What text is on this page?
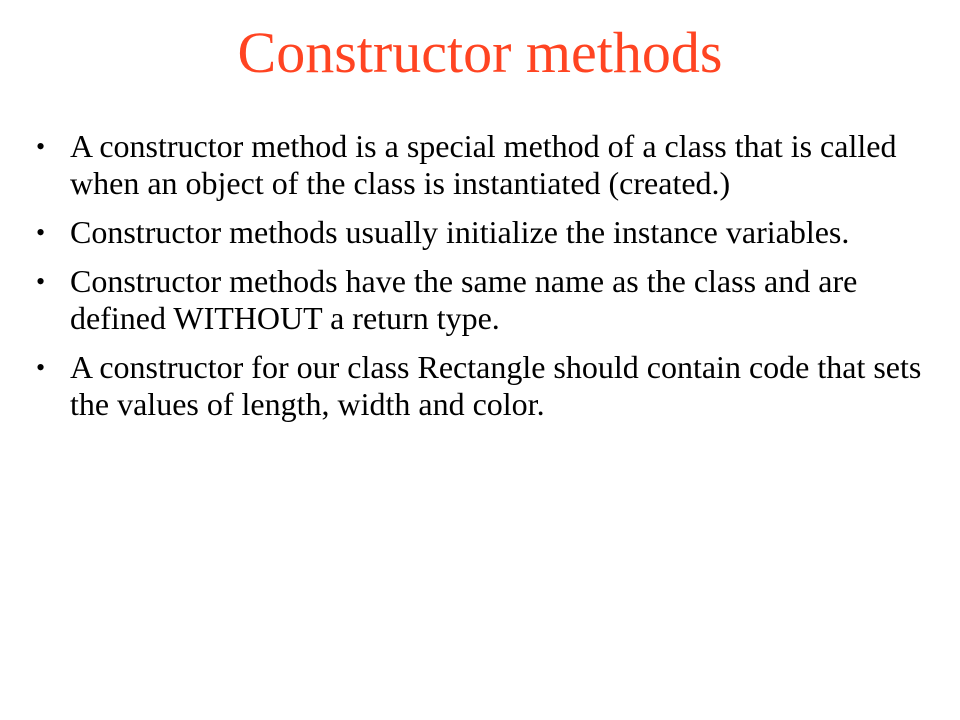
Constructor methods
• A constructor method is a special method of a class that is called when an object of the class is instantiated (created.)
• Constructor methods usually initialize the instance variables.
• Constructor methods have the same name as the class and are defined WITHOUT a return type.
• A constructor for our class Rectangle should contain code that sets the values of length, width and color.
